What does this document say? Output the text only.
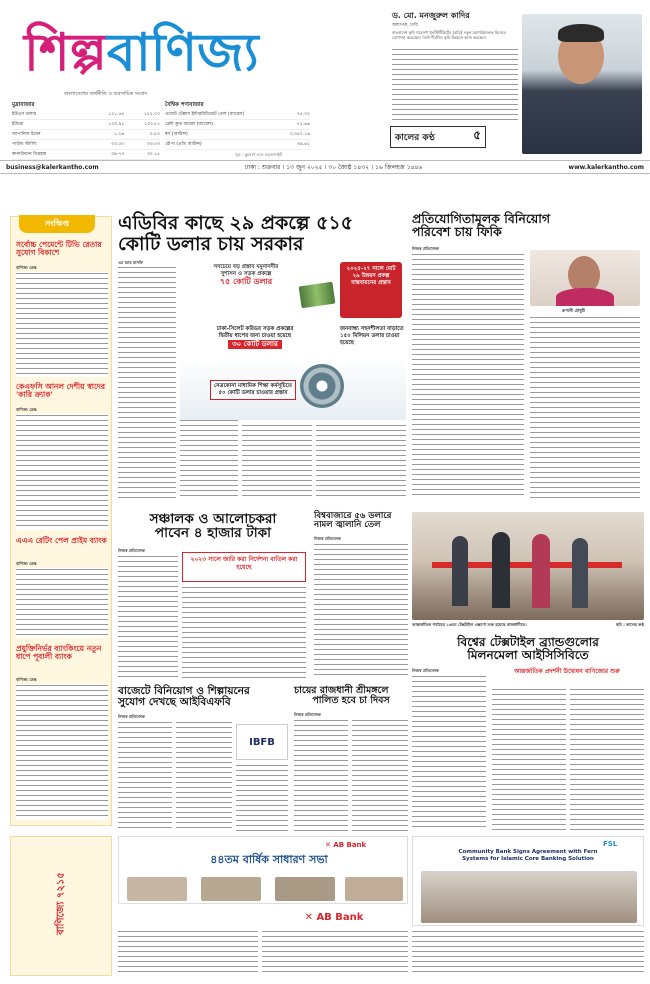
শিল্পবাণিজ্য
বাংলাদেশের অর্থনীতি ও ব্যবসায়িক সংবাদ
মুদ্রাবাজার	বৈশ্বিক পণ্যবাজার
ইউএস ডলার	১২১.৫৫	১২২.০০
ইউরো	১৩৩.৯১	১৩৩.৫১
জাপানিজ ইয়েন	১.২৬	০.৮০
পাউন্ড স্টার্লিং	৩৩.৫০	৩৩.০৩
কানাডিয়ান ডিরহাম	৩৯.৭৩	৩০.১৫
ওয়েস্ট টেক্সাস ইন্টারমিডিয়েট তেল (ব্যারেল)	৭৫.০০
ব্রেন্ট ক্রুড অয়েল (ব্যারেল)	৭১.৬৬
স্বর্ণ (আউন্স)	৩,৩৫০.১৬
রৌপ্য (প্রতি আউন্স)	৩৬.৬১
সূত্র : ব্লুমবার্গ এবং ওয়েবসাইট
কালের কণ্ঠ	৫
ড. মো. মনজুরুল কাদির
অধ্যাপক, ঢাবি
বাংলাদেশ কৃষি গবেষণা ইনস্টিটিউটের (বারি) নতুন মহাপরিচালক হিসেবে যোগদান করেছেন। তিনি দীর্ঘদিন কৃষি উন্নয়নে কাজ করছেন।
business@kalerkantho.com	ঢাকা : শুক্রবার । ১৩ জুন ২০২৫ । ৩০ জ্যৈষ্ঠ ১৪৩২ । ১৬ জিলহজ ১৪৪৬	www.kalerkantho.com
সংক্ষিপ্ত
সর্বোচ্চ পেমেন্টে টিভি রেতার সুযোগ বিকাশে
বাণিজ্য ডেস্ক
কেএফসি আনল দেশীয় স্বাদের 'কারি ক্র্যাক'
বাণিজ্য ডেস্ক
এএএ রেটিং পেল প্রাইম ব্যাংক
বাণিজ্য ডেস্ক
প্রযুক্তিনির্ভর ব্যাংকিংয়ে নতুন ধাপে পূবালী ব্যাংক
বাণিজ্য ডেস্ক
এডিবির কাছে ২৯ প্রকল্পে ৫১৫
কোটি ডলার চায় সরকার
এম আর মাসফি
সবচেয়ে বড় প্রস্তাব যমুনানদীর সুশাসন ও সড়ক প্রকল্পে
৭৫ কোটি ডলার
২০২৫-২৭ সালে মোট ২৯ উন্নয়ন প্রকল্প বাস্তবায়নের প্রস্তাব
ঢাকা-সিলেট করিডর সড়ক প্রকল্পের দ্বিতীয় ধাপের জন্য চাওয়া হয়েছে
৩০ কোটি ডলার
জনবান্ধ্য সহনশীলতা বাড়াতে ১৫০ মিলিয়ন ডলার চাওয়া হয়েছে
নেত্রকোনা মাধ্যমিক শিক্ষা কর্মসূচিতে ৫০ কোটি ডলার চাওয়ার প্রস্তাব
প্রতিযোগিতামূলক বিনিয়োগ
পরিবেশ চায় ফিকি
নিজস্ব প্রতিবেদক
রুপালী চৌধুরী
সঞ্চালক ও আলোচকরা
পাবেন ৪ হাজার টাকা
নিজস্ব প্রতিবেদক
২০২৩ সালে জারি করা নির্দেশনা বাতিল করা হয়েছে
বিশ্ববাজারে ৫৬ ডলারে
নামল জ্বালানি তেল
নিজস্ব প্রতিবেদক
আন্তর্জাতিক পর্যায়ের ১৬তম টেক্সটাইল এক্সপো শুরু হয়েছে রাজধানীতে।	ছবি : কালের কণ্ঠ
বাজেটে বিনিয়োগ ও শিল্পায়নের
সুযোগ দেখছে আইবিএফবি
নিজস্ব প্রতিবেদক
IBFB
চায়ের রাজধানী শ্রীমঙ্গলে
পালিত হবে চা দিবস
নিজস্ব প্রতিবেদক
বিশ্বের টেক্সটাইল ব্র্যান্ডগুলোর
মিলনমেলা আইসিসিবিতে
নিজস্ব প্রতিবেদক	আন্তর্জাতিক প্রদর্শনী উদ্বোধন বাণিজ্যের শুরু
বাণিজ্যে ৭২১৫
✕ AB Bank
৪৪তম বার্ষিক সাধারণ সভা
✕ AB Bank
FSL
Community Bank Signs Agreement with Fern Systems for Islamic Core Banking Solution
